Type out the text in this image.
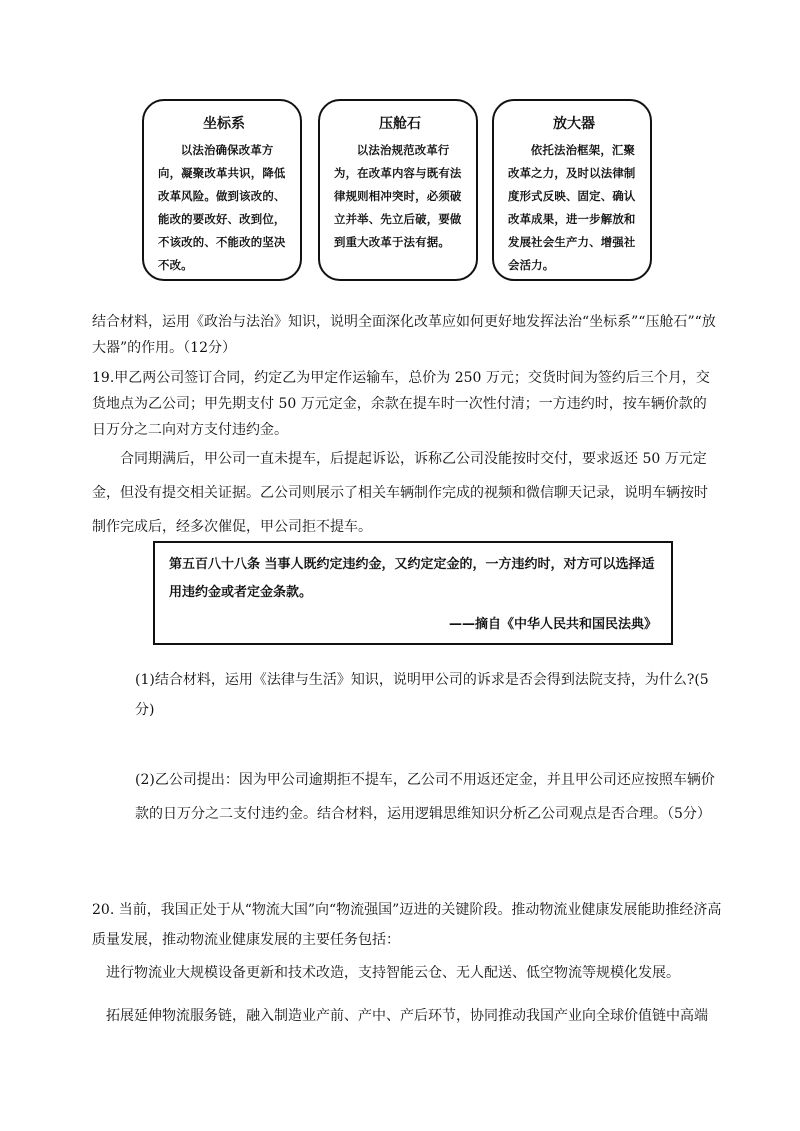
坐标系
以法治确保改革方向，凝聚改革共识，降低改革风险。做到该改的、能改的要改好、改到位，不该改的、不能改的坚决不改。
压舱石
以法治规范改革行为，在改革内容与既有法律规则相冲突时，必须破立并举、先立后破，要做到重大改革于法有据。
放大器
依托法治框架，汇聚改革之力，及时以法律制度形式反映、固定、确认改革成果，进一步解放和发展社会生产力、增强社会活力。
结合材料，运用《政治与法治》知识，说明全面深化改革应如何更好地发挥法治“坐标系”“压舱石”“放大器”的作用。（12分）
19.甲乙两公司签订合同，约定乙为甲定作运输车，总价为 250 万元；交货时间为签约后三个月，交货地点为乙公司；甲先期支付 50 万元定金，余款在提车时一次性付清；一方违约时，按车辆价款的日万分之二向对方支付违约金。
合同期满后，甲公司一直未提车，后提起诉讼，诉称乙公司没能按时交付，要求返还 50 万元定金，但没有提交相关证据。乙公司则展示了相关车辆制作完成的视频和微信聊天记录，说明车辆按时制作完成后，经多次催促，甲公司拒不提车。
第五百八十八条 当事人既约定违约金，又约定定金的，一方违约时，对方可以选择适用违约金或者定金条款。
——摘自《中华人民共和国民法典》
(1)结合材料，运用《法律与生活》知识，说明甲公司的诉求是否会得到法院支持，为什么?(5分)
(2)乙公司提出：因为甲公司逾期拒不提车，乙公司不用返还定金，并且甲公司还应按照车辆价款的日万分之二支付违约金。结合材料，运用逻辑思维知识分析乙公司观点是否合理。（5分）
20. 当前，我国正处于从“物流大国”向“物流强国”迈进的关键阶段。推动物流业健康发展能助推经济高质量发展，推动物流业健康发展的主要任务包括：
进行物流业大规模设备更新和技术改造，支持智能云仓、无人配送、低空物流等规模化发展。
拓展延伸物流服务链，融入制造业产前、产中、产后环节，协同推动我国产业向全球价值链中高端
